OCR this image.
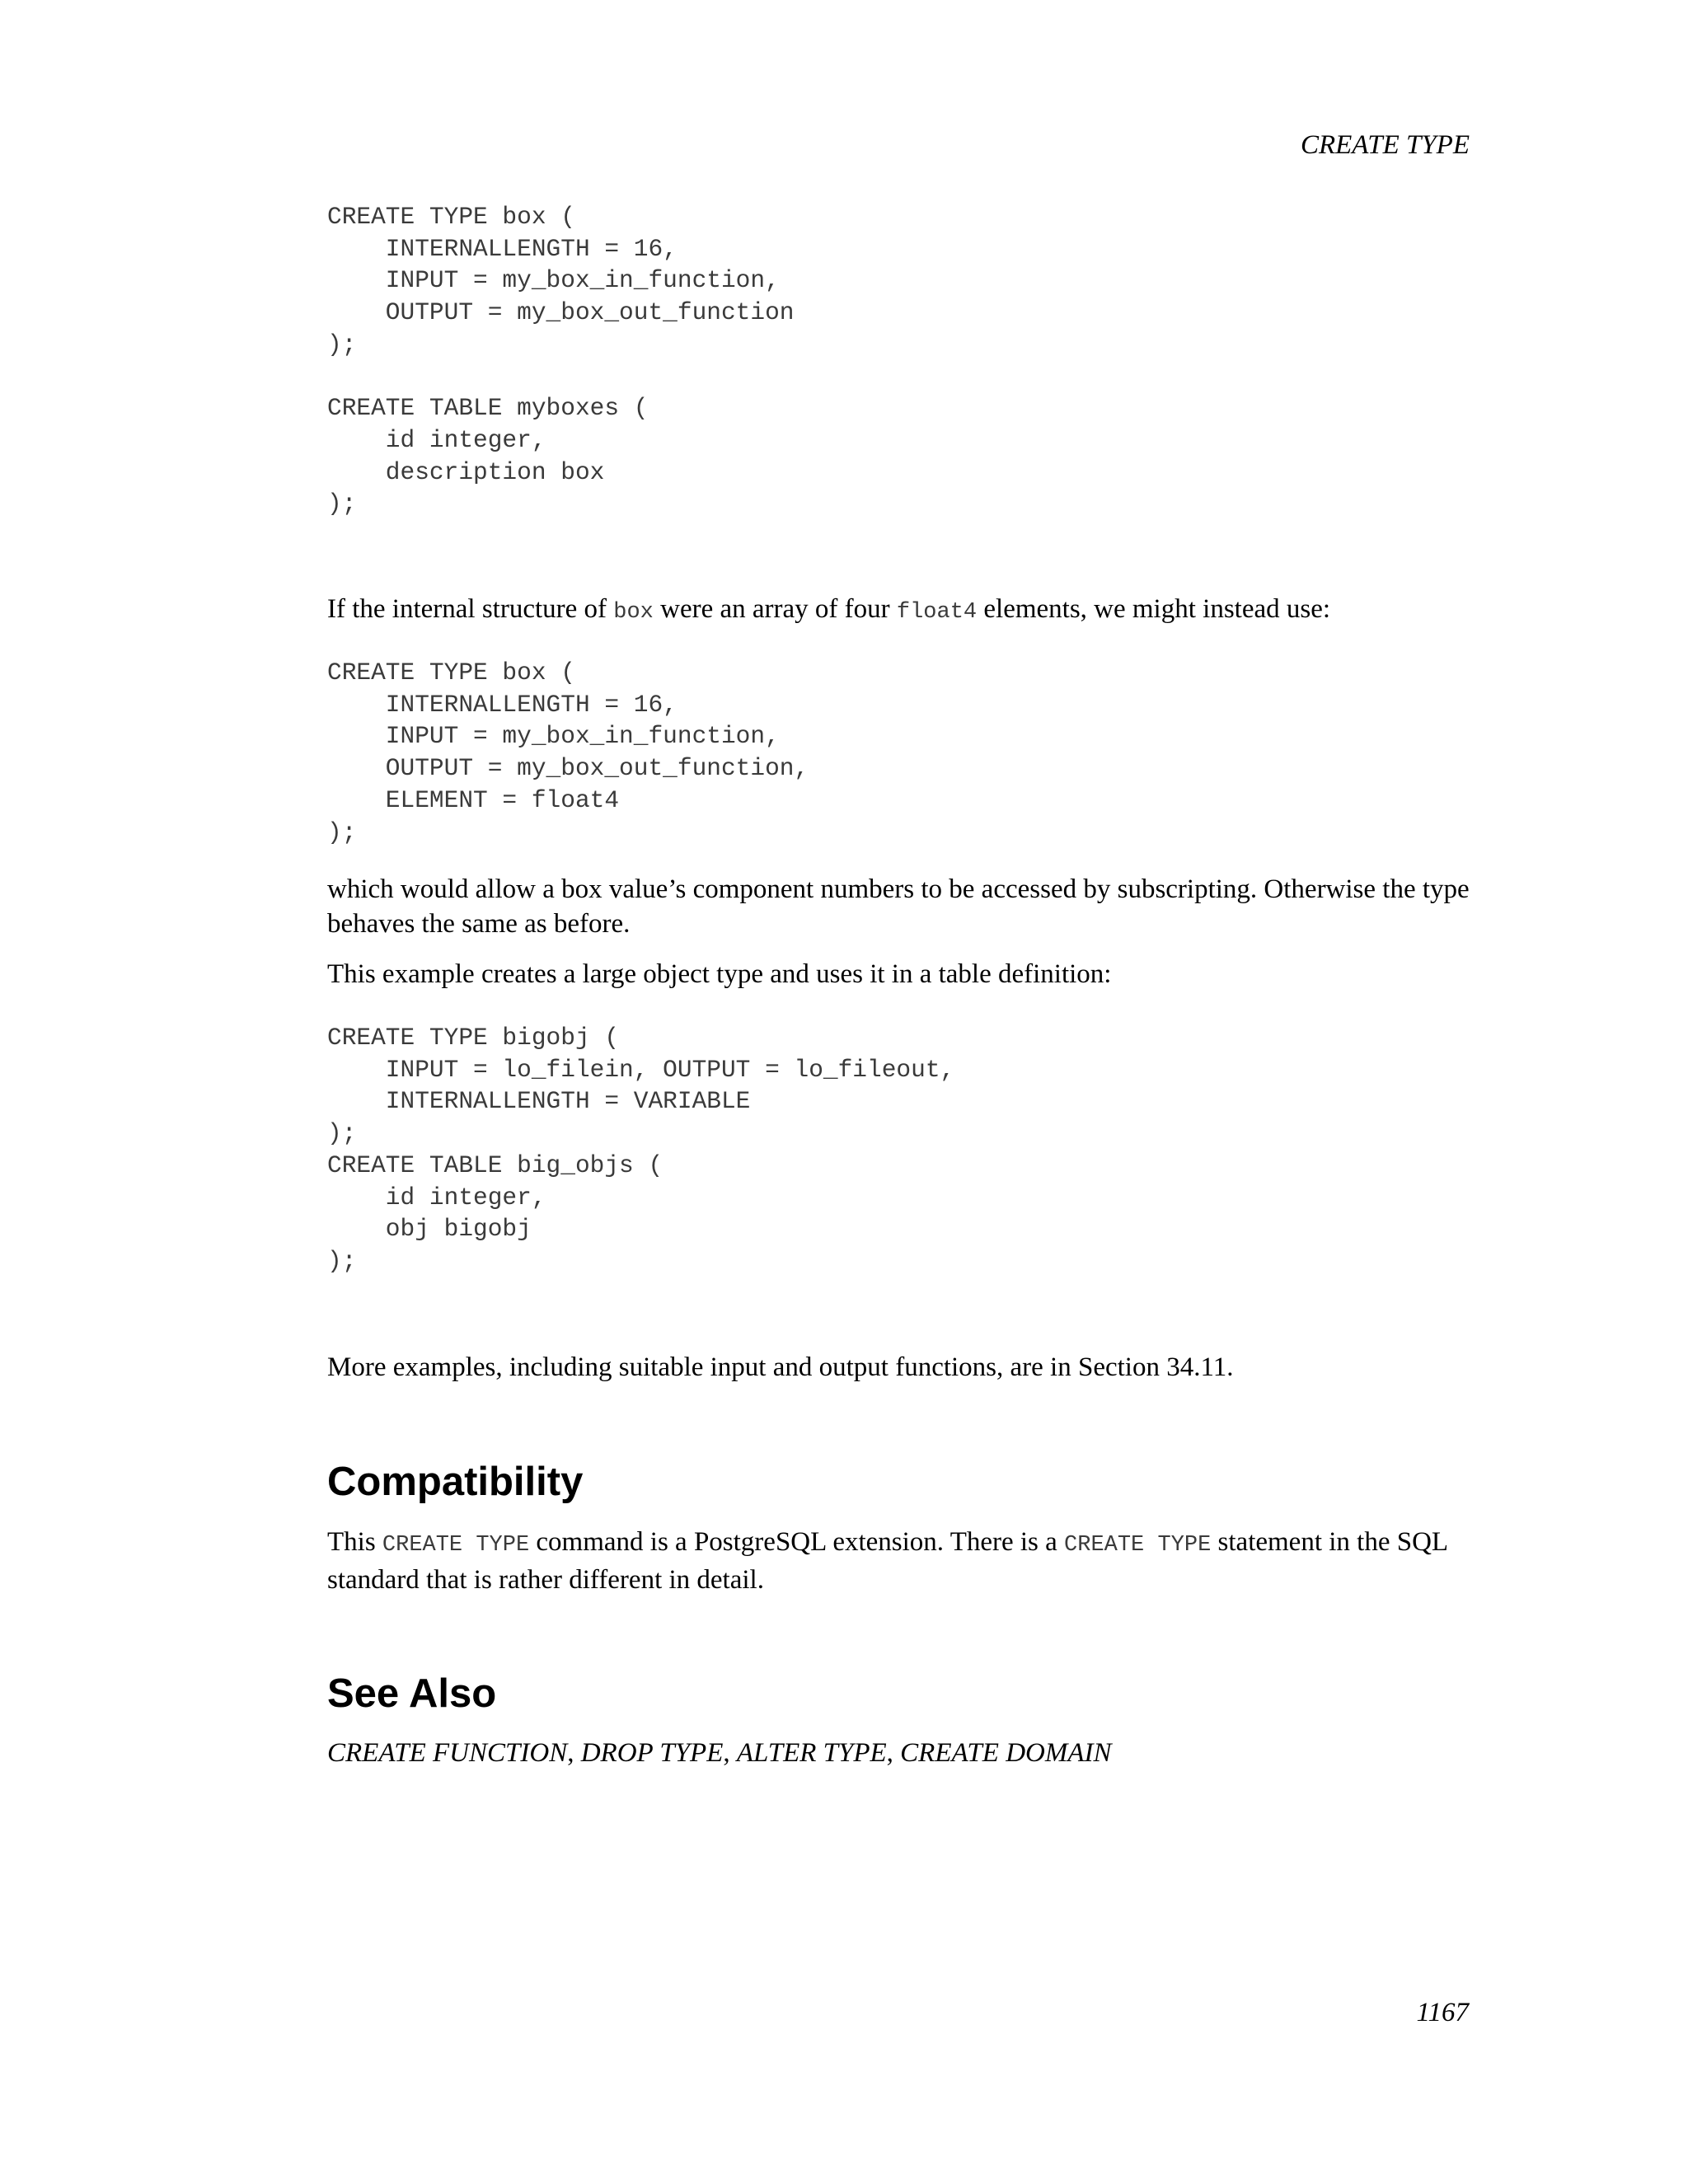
CREATE TYPE
CREATE TYPE box (
INTERNALLENGTH = 16,
INPUT = my_box_in_function,
OUTPUT = my_box_out_function
);

CREATE TABLE myboxes (
id integer,
description box
);

If the internal structure of box were an array of four float4 elements, we might instead use:

CREATE TYPE box (
INTERNALLENGTH = 16,
INPUT = my_box_in_function,
OUTPUT = my_box_out_function,
ELEMENT = float4
);

which would allow a box value’s component numbers to be accessed by subscripting. Otherwise the type behaves the same as before.

This example creates a large object type and uses it in a table definition:

CREATE TYPE bigobj (
INPUT = lo_filein, OUTPUT = lo_fileout,
INTERNALLENGTH = VARIABLE
);
CREATE TABLE big_objs (
id integer,
obj bigobj
);

More examples, including suitable input and output functions, are in Section 34.11.

Compatibility

This CREATE TYPE command is a PostgreSQL extension. There is a CREATE TYPE statement in the SQL standard that is rather different in detail.

See Also

CREATE FUNCTION, DROP TYPE, ALTER TYPE, CREATE DOMAIN

1167
